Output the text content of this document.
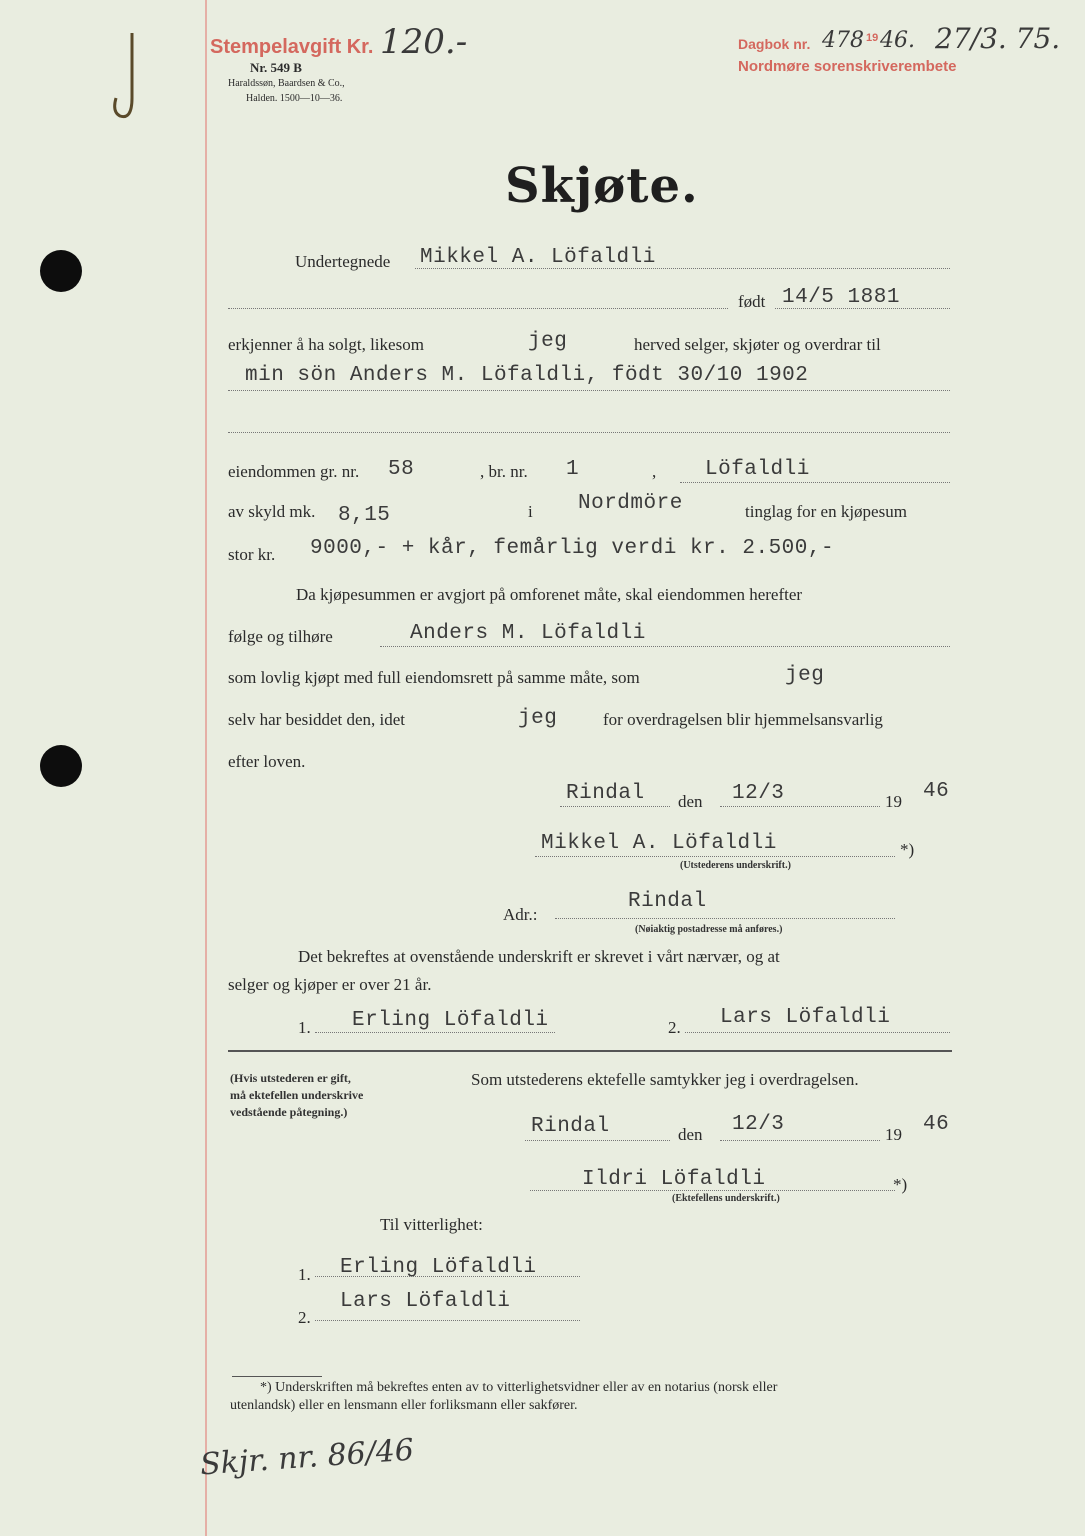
Stempelavgift Kr. 120.-
Nr. 549 B
Haraldssøn, Baardsen & Co.,
Halden. 1500—10—36.
Dagbok nr. 478 19 46. 27/3. 75.
Nordmøre sorenskriverembete
Skjøte.
Undertegnede Mikkel A. Löfaldli
født 14/5 1881
erkjenner å ha solgt, likesom	jeg	herved selger, skjøter og overdrar til
min sön Anders M. Löfaldli, födt 30/10 1902
eiendommen gr. nr. 58	, br. nr. 1	, Löfaldli
av skyld mk. 8,15	i Nordmöre	tinglag for en kjøpesum
stor kr. 9000,- + kår, femårlig verdi kr. 2.500,-
Da kjøpesummen er avgjort på omforenet måte, skal eiendommen herefter
følge og tilhøre	Anders M. Löfaldli
som lovlig kjøpt med full eiendomsrett på samme måte, som	jeg
selv har besiddet den, idet	jeg	for overdragelsen blir hjemmelsansvarlig
efter loven.
Rindal den 12/3	19 46
Mikkel A. Löfaldli	*)
(Utstederens underskrift.)
Adr.:
Rindal
(Nøiaktig postadresse må anføres.)
Det bekreftes at ovenstående underskrift er skrevet i vårt nærvær, og at
selger og kjøper er over 21 år.
1. Erling Löfaldli	2. Lars Löfaldli
(Hvis utstederen er gift,
må ektefellen underskrive
vedstående påtegning.)
Som utstederens ektefelle samtykker jeg i overdragelsen.
Rindal	den 12/3	19 46
Ildri Löfaldli	*)
(Ektefellens underskrift.)
Til vitterlighet:
1. Erling Löfaldli
Lars Löfaldli
2.
*) Underskriften må bekreftes enten av to vitterlighetsvidner eller av en notarius (norsk eller
utenlandsk) eller en lensmann eller forliksmann eller sakfører.
Skjr. nr. 86/46
